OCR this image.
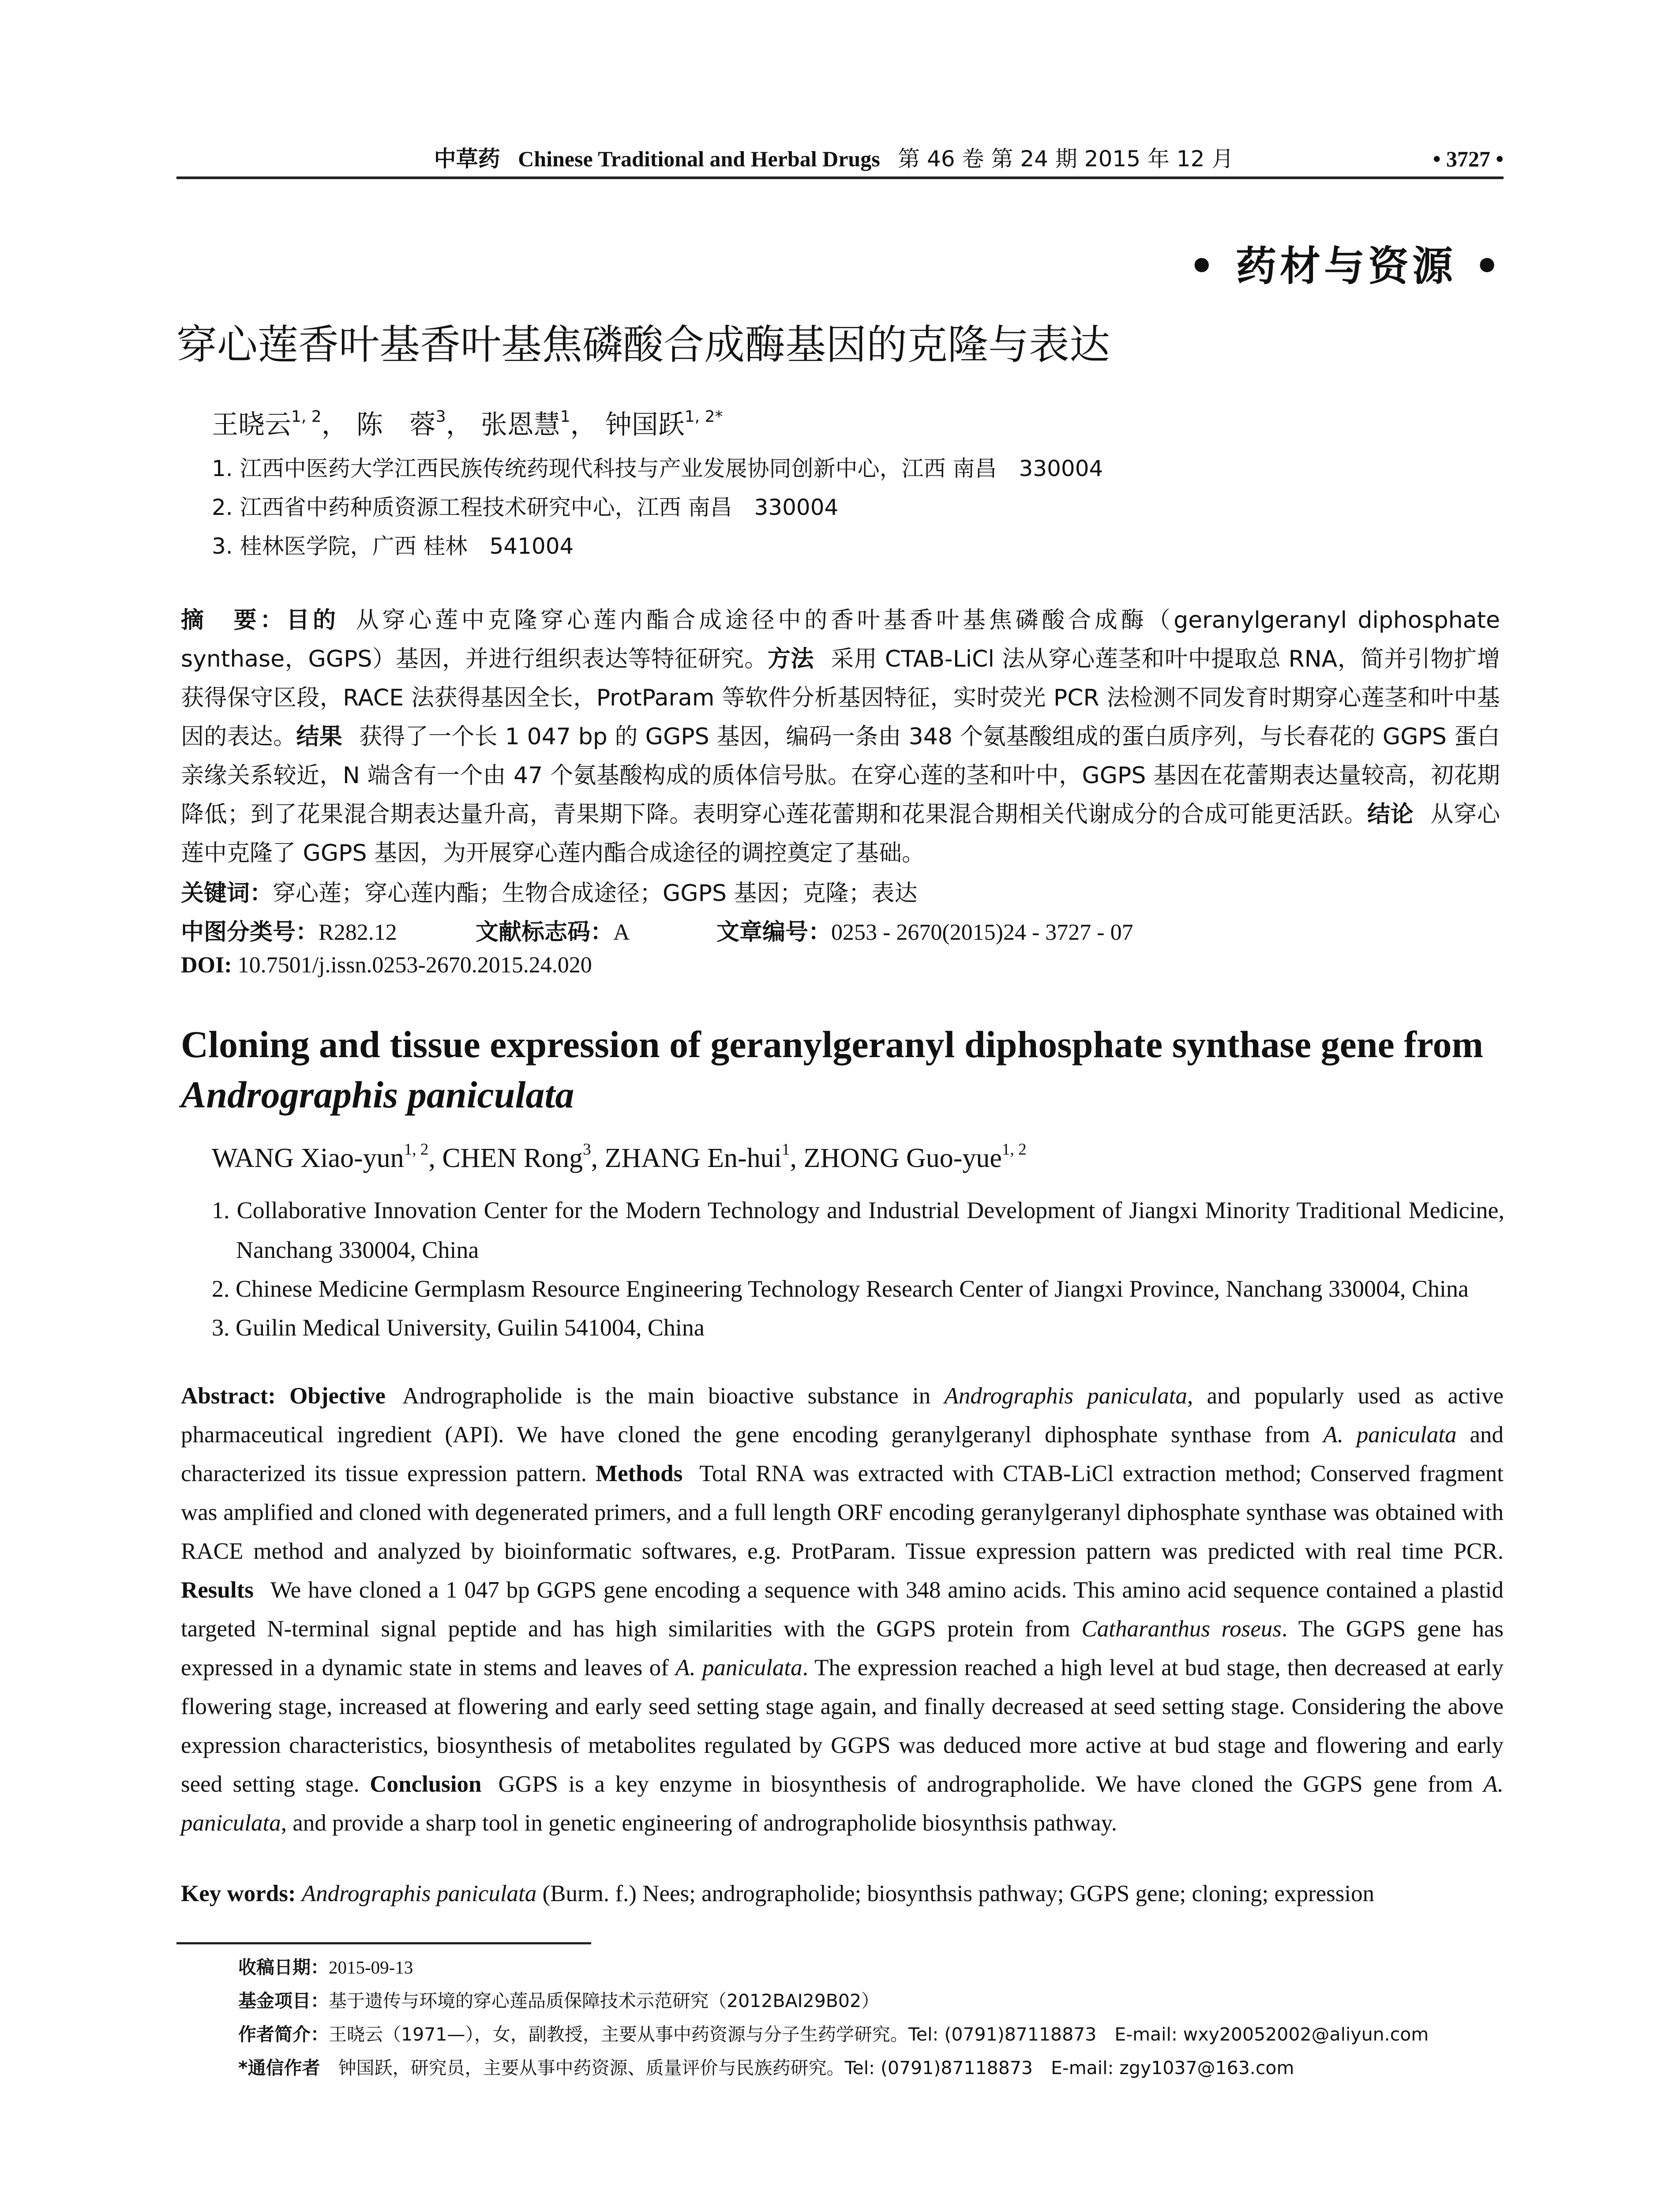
中草药 Chinese Traditional and Herbal Drugs 第 46 卷 第 24 期 2015 年 12 月	• 3727 •
• 药材与资源 •
穿心莲香叶基香叶基焦磷酸合成酶基因的克隆与表达
王晓云$^{1, 2}$， 陈　蓉$^3$， 张恩慧$^1$， 钟国跃$^{1, 2*}$
1. 江西中医药大学江西民族传统药现代科技与产业发展协同创新中心，江西 南昌　330004
2. 江西省中药种质资源工程技术研究中心，江西 南昌　330004
3. 桂林医学院，广西 桂林　541004
摘　要：目的 从穿心莲中克隆穿心莲内酯合成途径中的香叶基香叶基焦磷酸合成酶（geranylgeranyl diphosphate synthase，GGPS）基因，并进行组织表达等特征研究。方法 采用 CTAB-LiCl 法从穿心莲茎和叶中提取总 RNA，简并引物扩增获得保守区段，RACE 法获得基因全长，ProtParam 等软件分析基因特征，实时荧光 PCR 法检测不同发育时期穿心莲茎和叶中基因的表达。结果 获得了一个长 1 047 bp 的 GGPS 基因，编码一条由 348 个氨基酸组成的蛋白质序列，与长春花的 GGPS 蛋白亲缘关系较近，N 端含有一个由 47 个氨基酸构成的质体信号肽。在穿心莲的茎和叶中，GGPS 基因在花蕾期表达量较高，初花期降低；到了花果混合期表达量升高，青果期下降。表明穿心莲花蕾期和花果混合期相关代谢成分的合成可能更活跃。结论 从穿心莲中克隆了 GGPS 基因，为开展穿心莲内酯合成途径的调控奠定了基础。
关键词：穿心莲；穿心莲内酯；生物合成途径；GGPS 基因；克隆；表达
中图分类号：R282.12	文献标志码：A	文章编号：0253 - 2670(2015)24 - 3727 - 07
DOI: 10.7501/j.issn.0253-2670.2015.24.020
Cloning and tissue expression of geranylgeranyl diphosphate synthase gene from
Andrographis paniculata
WANG Xiao-yun$^{1, 2}$, CHEN Rong$^3$, ZHANG En-hui$^1$, ZHONG Guo-yue$^{1, 2}$
1. Collaborative Innovation Center for the Modern Technology and Industrial Development of Jiangxi Minority Traditional Medicine, Nanchang 330004, China
2. Chinese Medicine Germplasm Resource Engineering Technology Research Center of Jiangxi Province, Nanchang 330004, China
3. Guilin Medical University, Guilin 541004, China
Abstract: Objective Andrographolide is the main bioactive substance in Andrographis paniculata, and popularly used as active pharmaceutical ingredient (API). We have cloned the gene encoding geranylgeranyl diphosphate synthase from A. paniculata and characterized its tissue expression pattern. Methods Total RNA was extracted with CTAB-LiCl extraction method; Conserved fragment was amplified and cloned with degenerated primers, and a full length ORF encoding geranylgeranyl diphosphate synthase was obtained with RACE method and analyzed by bioinformatic softwares, e.g. ProtParam. Tissue expression pattern was predicted with real time PCR. Results We have cloned a 1 047 bp GGPS gene encoding a sequence with 348 amino acids. This amino acid sequence contained a plastid targeted N-terminal signal peptide and has high similarities with the GGPS protein from Catharanthus roseus. The GGPS gene has expressed in a dynamic state in stems and leaves of A. paniculata. The expression reached a high level at bud stage, then decreased at early flowering stage, increased at flowering and early seed setting stage again, and finally decreased at seed setting stage. Considering the above expression characteristics, biosynthesis of metabolites regulated by GGPS was deduced more active at bud stage and flowering and early seed setting stage. Conclusion GGPS is a key enzyme in biosynthesis of andrographolide. We have cloned the GGPS gene from A. paniculata, and provide a sharp tool in genetic engineering of andrographolide biosynthsis pathway.
Key words: Andrographis paniculata (Burm. f.) Nees; andrographolide; biosynthsis pathway; GGPS gene; cloning; expression
收稿日期：2015-09-13
基金项目：基于遗传与环境的穿心莲品质保障技术示范研究（2012BAI29B02）
作者简介：王晓云（1971—），女，副教授，主要从事中药资源与分子生药学研究。Tel: (0791)87118873　E-mail: wxy20052002@aliyun.com
*通信作者　钟国跃，研究员，主要从事中药资源、质量评价与民族药研究。Tel: (0791)87118873　E-mail: zgy1037@163.com
